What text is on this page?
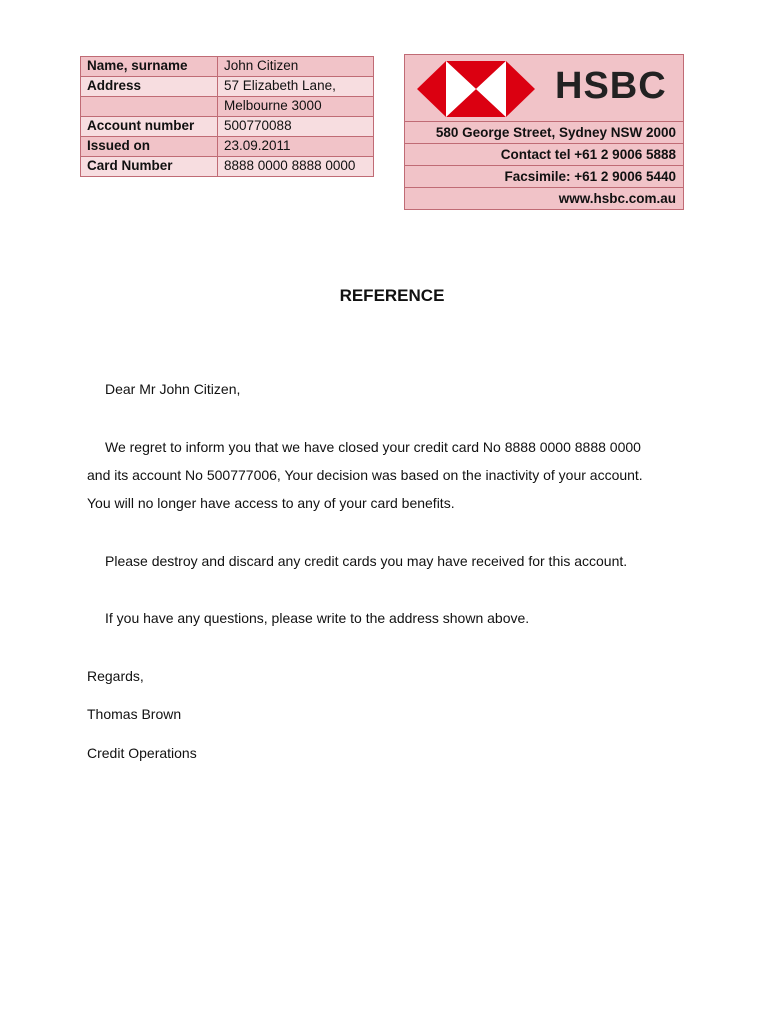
Name, surname	John Citizen
Address	57 Elizabeth Lane,
	Melbourne 3000
Account number	500770088
Issued on	23.09.2011
Card Number	8888 0000 8888 0000
HSBC
580 George Street, Sydney NSW 2000
Contact tel +61 2 9006 5888
Facsimile: +61 2 9006 5440
www.hsbc.com.au
REFERENCE
Dear Mr John Citizen,
We regret to inform you that we have closed your credit card No 8888 0000 8888 0000
and its account No 500777006, Your decision was based on the inactivity of your account.
You will no longer have access to any of your card benefits.
Please destroy and discard any credit cards you may have received for this account.
If you have any questions, please write to the address shown above.
Regards,
Thomas Brown
Credit Operations
